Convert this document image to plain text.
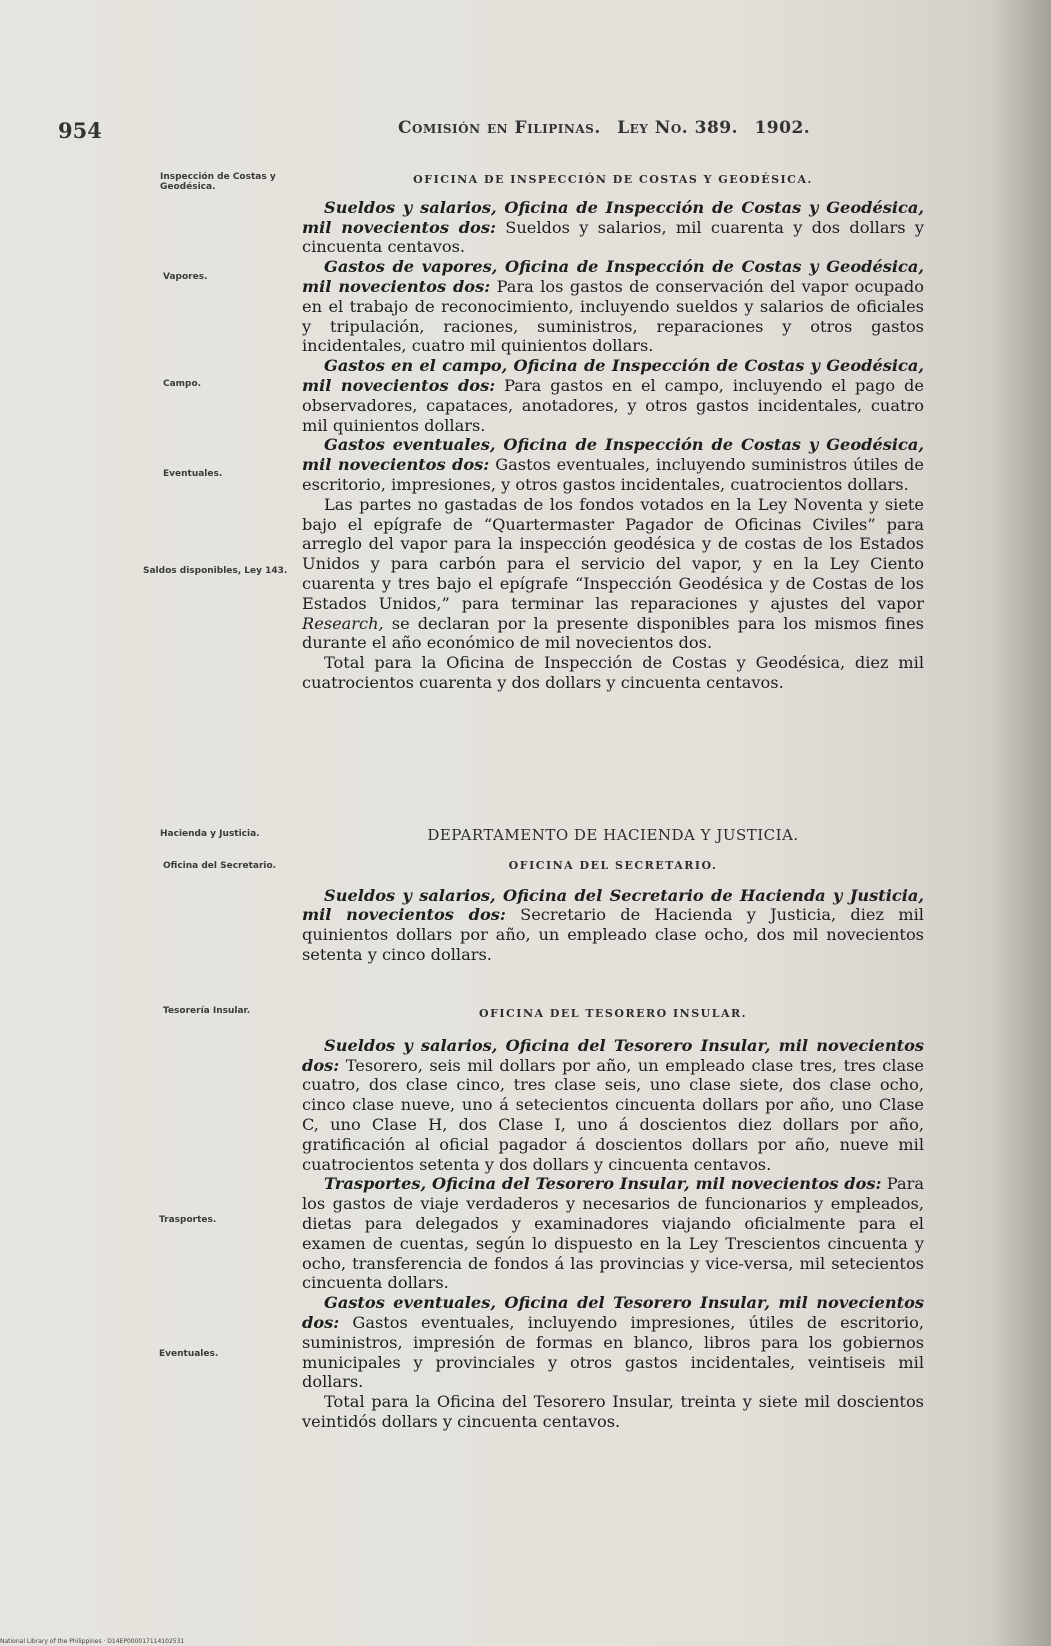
954	Comisión en Filipinas. Ley No. 389. 1902.
Inspección de Costas y Geodésica.
Vapores.
Campo.
Eventuales.
Saldos disponibles, Ley 143.
Hacienda y Justicia.
Oficina del Secretario.
Tesorería Insular.
Trasportes.
Eventuales.
OFICINA DE INSPECCIÓN DE COSTAS Y GEODÉSICA.

Sueldos y salarios, Oficina de Inspección de Costas y Geodésica, mil novecientos dos: Sueldos y salarios, mil cuarenta y dos dollars y cincuenta centavos.

Gastos de vapores, Oficina de Inspección de Costas y Geodésica, mil novecientos dos: Para los gastos de conservación del vapor ocupado en el trabajo de reconocimiento, incluyendo sueldos y salarios de oficiales y tripulación, raciones, suministros, reparaciones y otros gastos incidentales, cuatro mil quinientos dollars.

Gastos en el campo, Oficina de Inspección de Costas y Geodésica, mil novecientos dos: Para gastos en el campo, incluyendo el pago de observadores, capataces, anotadores, y otros gastos incidentales, cuatro mil quinientos dollars.

Gastos eventuales, Oficina de Inspección de Costas y Geodésica, mil novecientos dos: Gastos eventuales, incluyendo suministros útiles de escritorio, impresiones, y otros gastos incidentales, cuatrocientos dollars.

Las partes no gastadas de los fondos votados en la Ley Noventa y siete bajo el epígrafe de “Quartermaster Pagador de Oficinas Civiles” para arreglo del vapor para la inspección geodésica y de costas de los Estados Unidos y para carbón para el servicio del vapor, y en la Ley Ciento cuarenta y tres bajo el epígrafe “Inspección Geodésica y de Costas de los Estados Unidos,” para terminar las reparaciones y ajustes del vapor Research, se declaran por la presente disponibles para los mismos fines durante el año económico de mil novecientos dos.

Total para la Oficina de Inspección de Costas y Geodésica, diez mil cuatrocientos cuarenta y dos dollars y cincuenta centavos.

DEPARTAMENTO DE HACIENDA Y JUSTICIA.
OFICINA DEL SECRETARIO.

Sueldos y salarios, Oficina del Secretario de Hacienda y Justicia, mil novecientos dos: Secretario de Hacienda y Justicia, diez mil quinientos dollars por año, un empleado clase ocho, dos mil novecientos setenta y cinco dollars.

OFICINA DEL TESORERO INSULAR.

Sueldos y salarios, Oficina del Tesorero Insular, mil novecientos dos: Tesorero, seis mil dollars por año, un empleado clase tres, tres clase cuatro, dos clase cinco, tres clase seis, uno clase siete, dos clase ocho, cinco clase nueve, uno á setecientos cincuenta dollars por año, uno Clase C, uno Clase H, dos Clase I, uno á doscientos diez dollars por año, gratificación al oficial pagador á doscientos dollars por año, nueve mil cuatrocientos setenta y dos dollars y cincuenta centavos.

Trasportes, Oficina del Tesorero Insular, mil novecientos dos: Para los gastos de viaje verdaderos y necesarios de funcionarios y empleados, dietas para delegados y examinadores viajando oficialmente para el examen de cuentas, según lo dispuesto en la Ley Trescientos cincuenta y ocho, transferencia de fondos á las provincias y vice-versa, mil setecientos cincuenta dollars.

Gastos eventuales, Oficina del Tesorero Insular, mil novecientos dos: Gastos eventuales, incluyendo impresiones, útiles de escritorio, suministros, impresión de formas en blanco, libros para los gobiernos municipales y provinciales y otros gastos incidentales, veintiseis mil dollars.

Total para la Oficina del Tesorero Insular, treinta y siete mil doscientos veintidós dollars y cincuenta centavos.

National Library of the Philippines · D14EP000017114102531
